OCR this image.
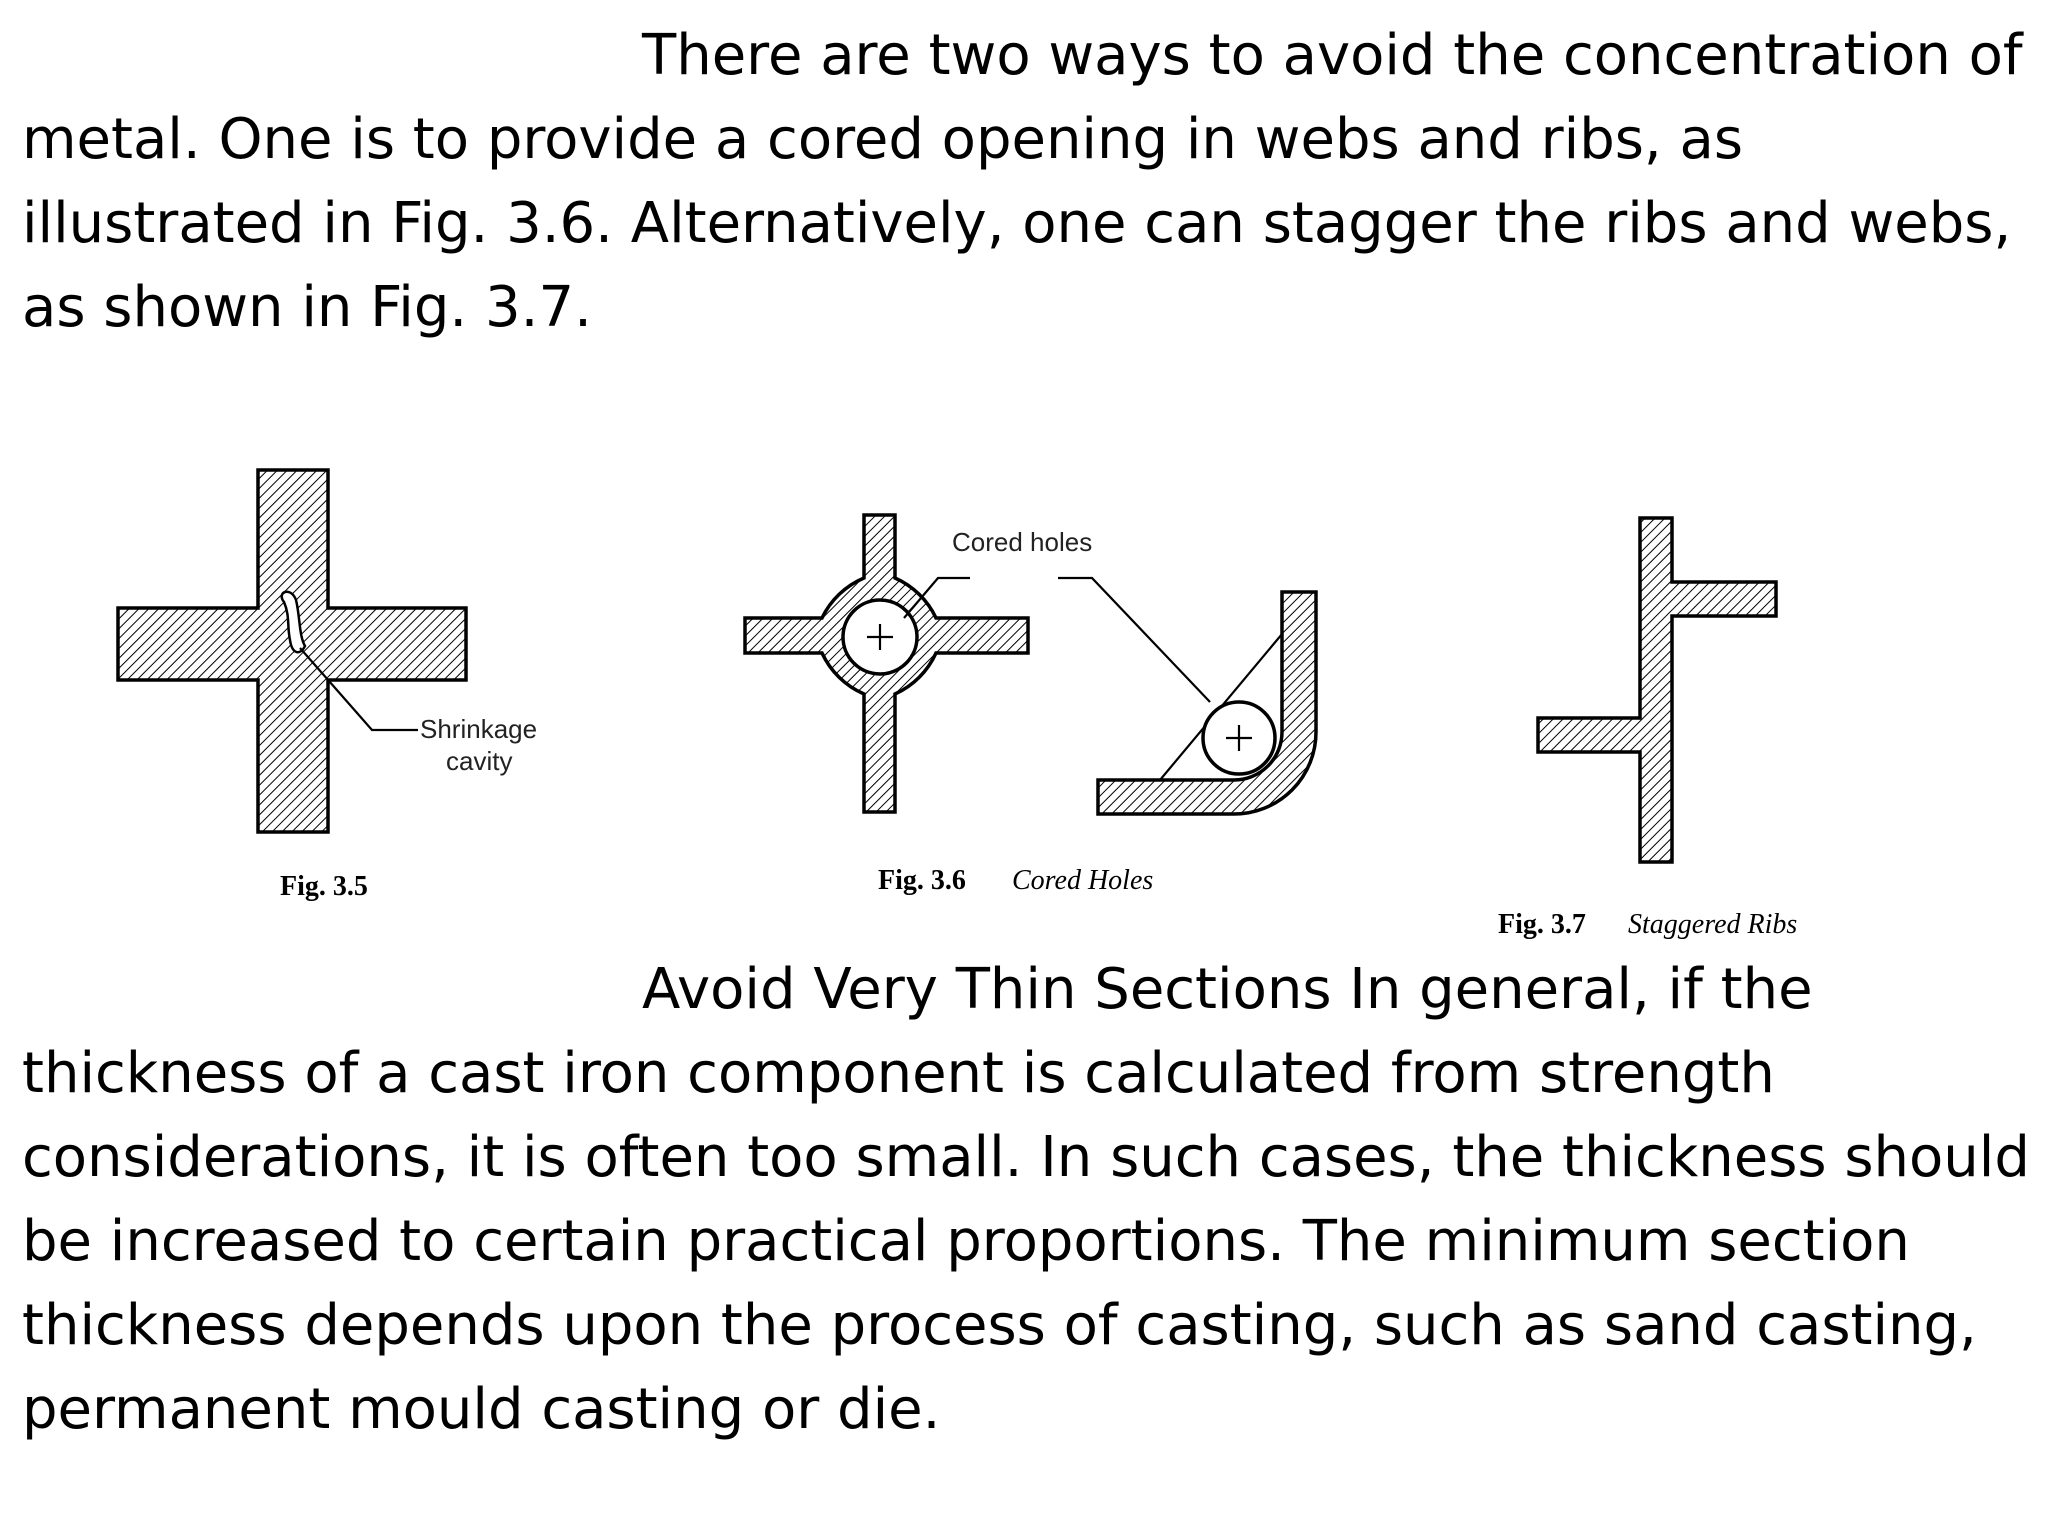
There are two ways to avoid the concentration of metal. One is to provide a cored opening in webs and ribs, as illustrated in Fig. 3.6. Alternatively, one can stagger the ribs and webs, as shown in Fig. 3.7.

Shrinkage
cavity
Fig. 3.5
Cored holes
Fig. 3.6 Cored Holes
Fig. 3.7 Staggered Ribs

Avoid Very Thin Sections In general, if the thickness of a cast iron component is calculated from strength considerations, it is often too small. In such cases, the thickness should be increased to certain practical proportions. The minimum section thickness depends upon the process of casting, such as sand casting, permanent mould casting or die.
